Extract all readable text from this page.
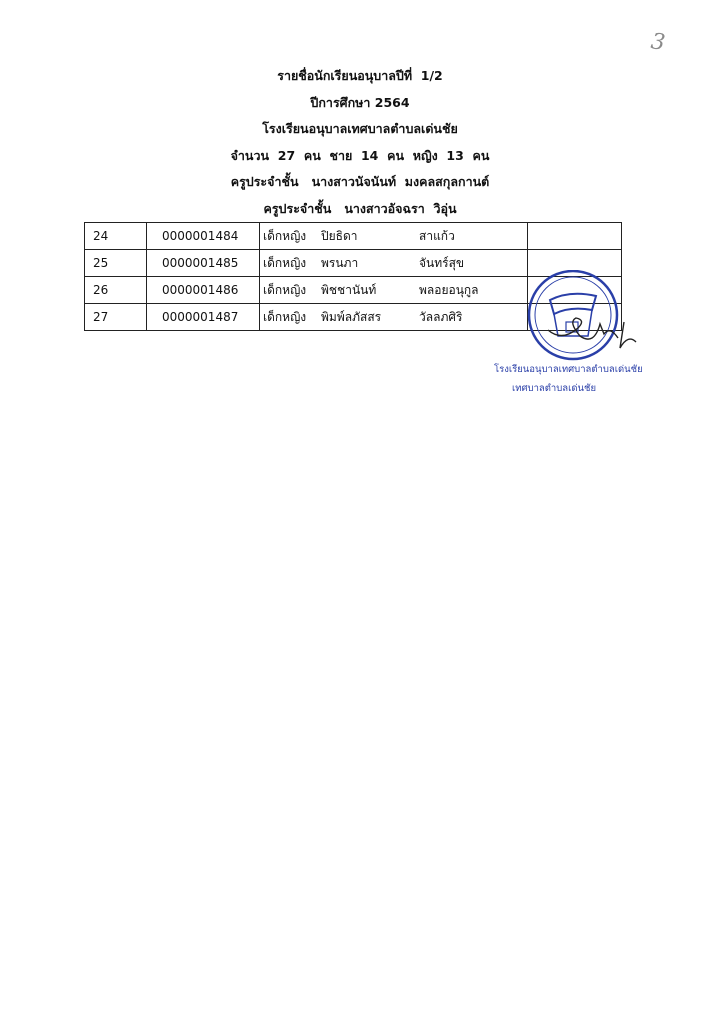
3
รายชื่อนักเรียนอนุบาลปีที่  1/2
ปีการศึกษา 2564
โรงเรียนอนุบาลเทศบาลตำบลเด่นชัย
จำนวน  27  คน  ชาย  14  คน  หญิง  13  คน
ครูประจำชั้น   นางสาวนัจนันท์  มงคลสกุลกานต์
ครูประจำชั้น   นางสาวอัจฉรา  วิอุ่น
24	0000001484	เด็กหญิง ปิยธิดา สาแก้ว	
25	0000001485	เด็กหญิง พรนภา จันทร์สุข	
26	0000001486	เด็กหญิง พิชชานันท์ พลอยอนุกูล	
27	0000001487	เด็กหญิง พิมพ์ลภัสสร วัลลภศิริ	
โรงเรียนอนุบาลเทศบาลตำบลเด่นชัย
เทศบาลตำบลเด่นชัย
